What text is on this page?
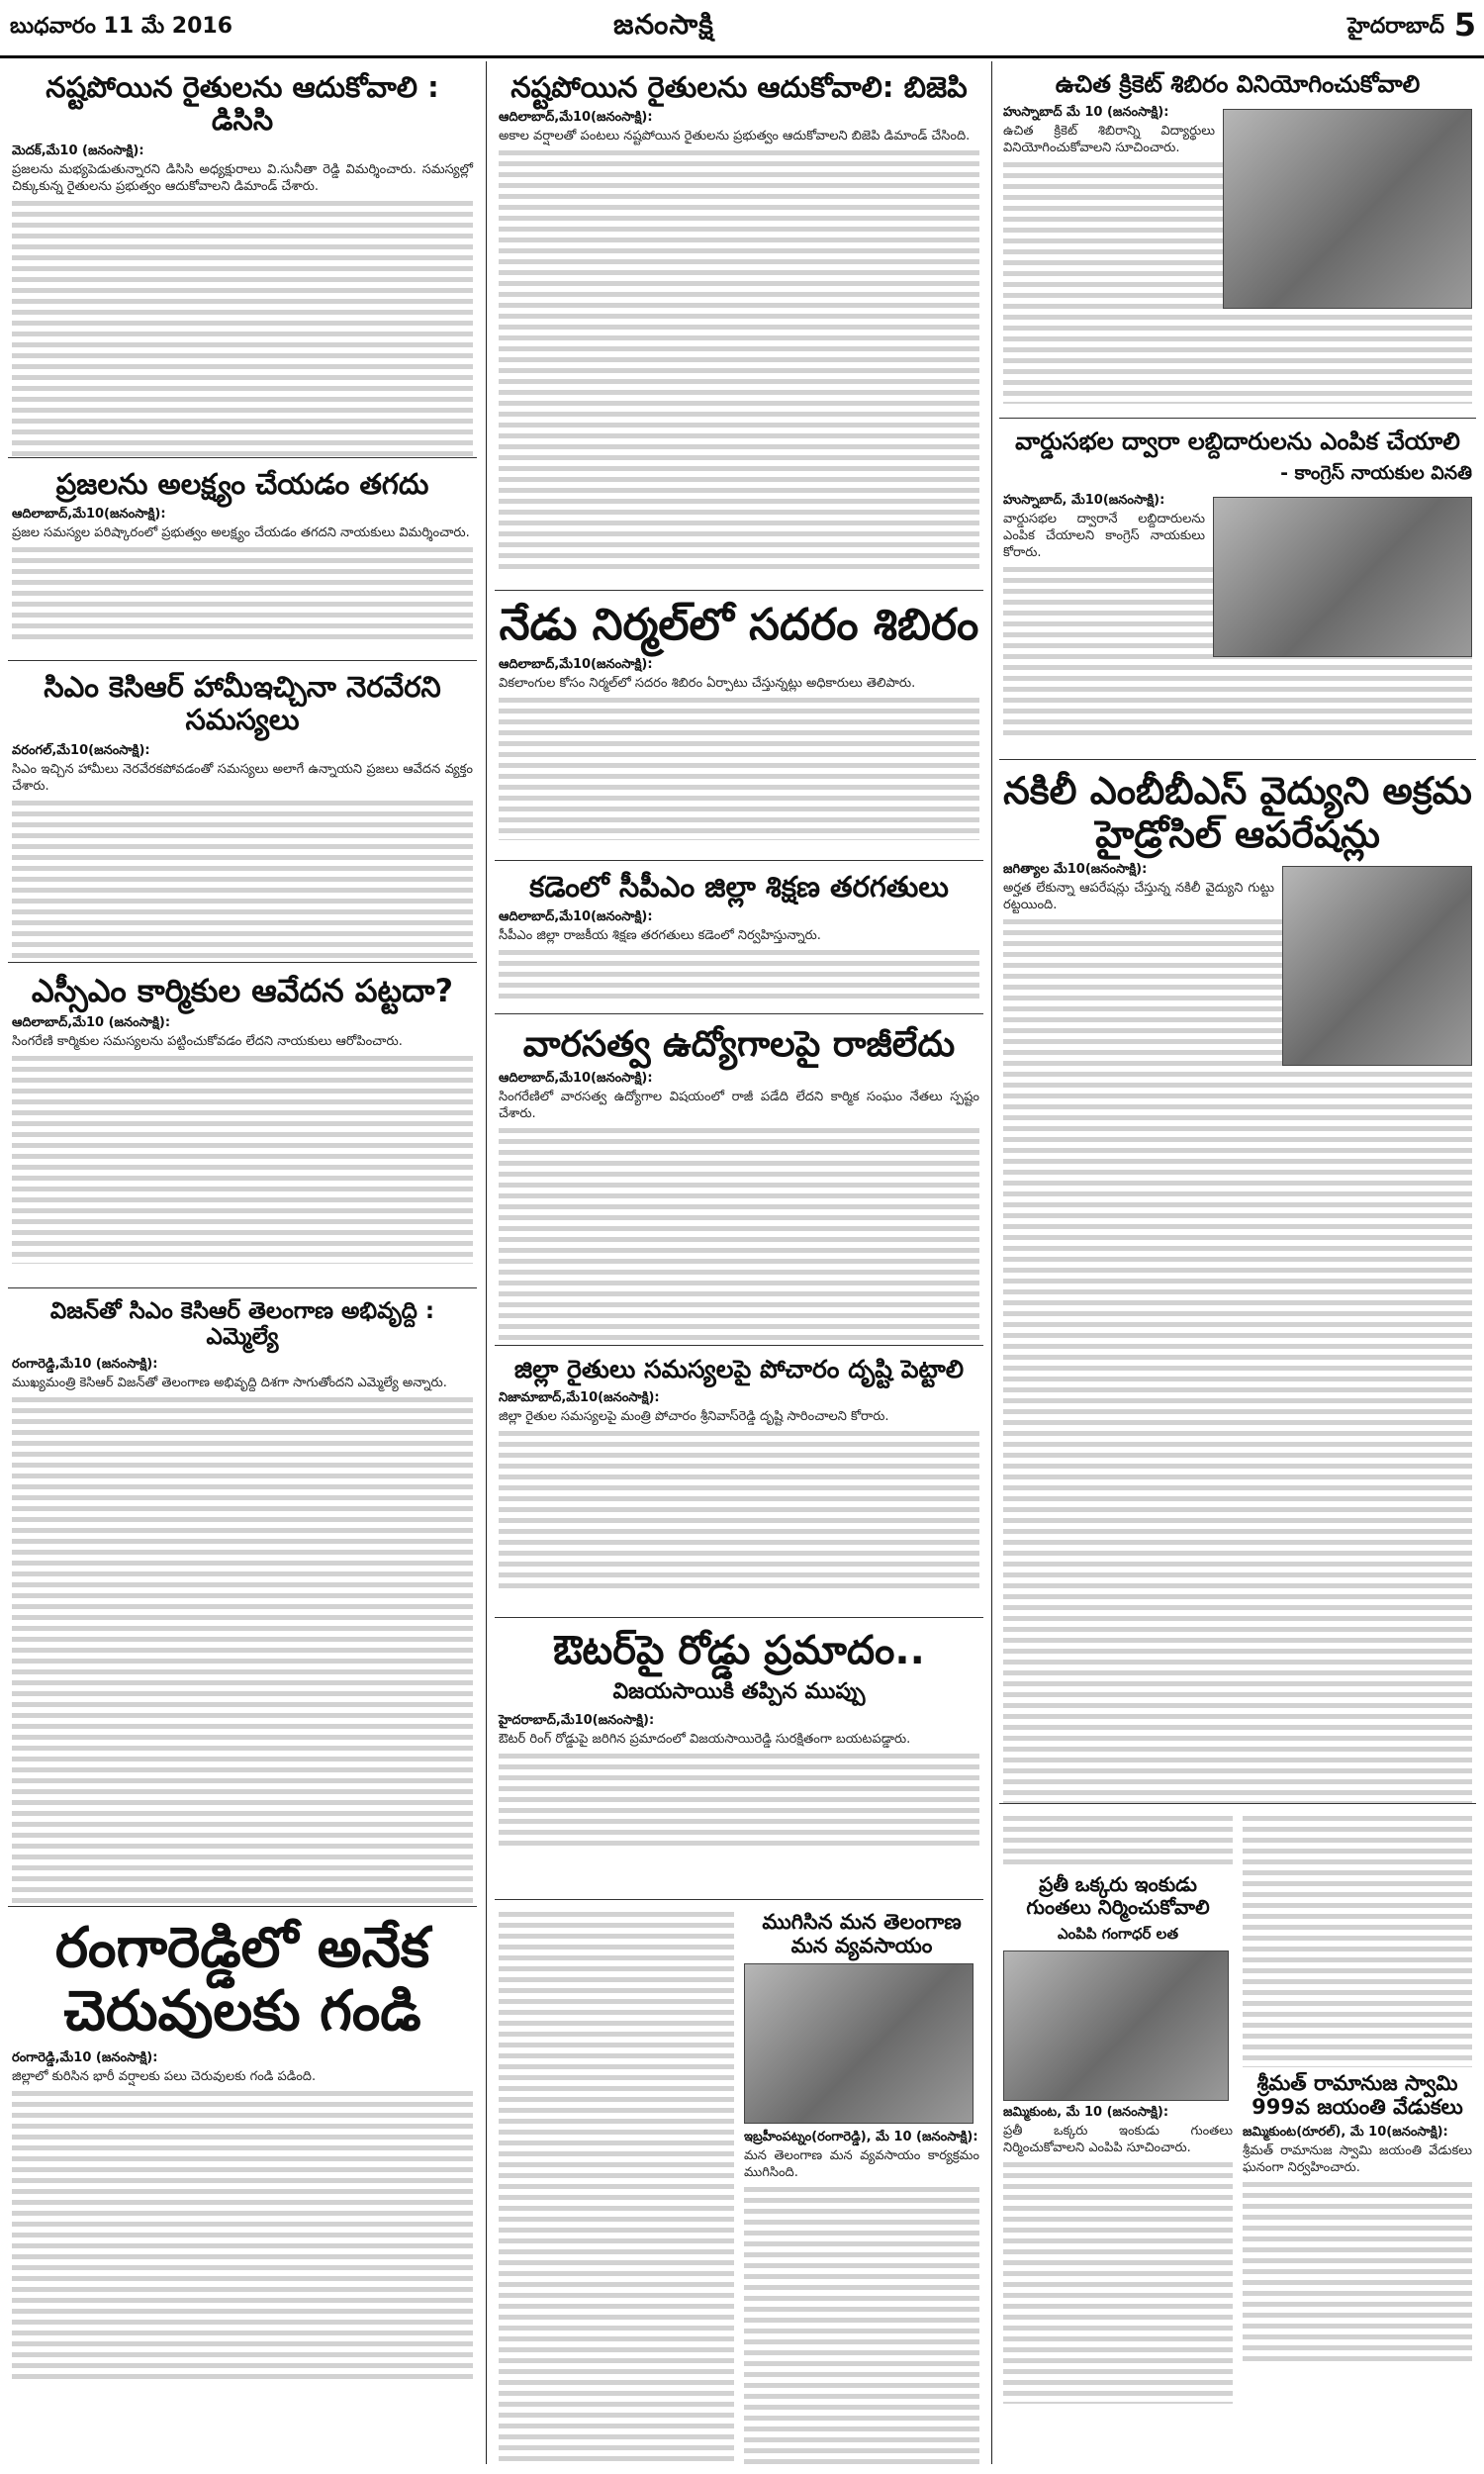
బుధవారం 11 మే 2016	జనంసాక్షి	హైదరాబాద్ 5
నష్టపోయిన రైతులను ఆదుకోవాలి : డిసిసి
మెదక్,మే10 (జనంసాక్షి):
ప్రజలను మభ్యపెడుతున్నారని డిసిసి అధ్యక్షురాలు వి.సునీతా రెడ్డి విమర్శించారు. సమస్యల్లో చిక్కుకున్న రైతులను ప్రభుత్వం ఆదుకోవాలని డిమాండ్ చేశారు.
ప్రజలను అలక్ష్యం చేయడం తగదు
ఆదిలాబాద్,మే10(జనంసాక్షి):
ప్రజల సమస్యల పరిష్కారంలో ప్రభుత్వం అలక్ష్యం చేయడం తగదని నాయకులు విమర్శించారు.
సిఎం కెసిఆర్ హామీఇచ్చినా నెరవేరని సమస్యలు
వరంగల్,మే10(జనంసాక్షి):
సిఎం ఇచ్చిన హామీలు నెరవేరకపోవడంతో సమస్యలు అలాగే ఉన్నాయని ప్రజలు ఆవేదన వ్యక్తం చేశారు.
ఎస్సీఎం కార్మికుల ఆవేదన పట్టదా?
ఆదిలాబాద్,మే10 (జనంసాక్షి):
సింగరేణి కార్మికుల సమస్యలను పట్టించుకోవడం లేదని నాయకులు ఆరోపించారు.
విజన్‌తో సిఎం కెసిఆర్ తెలంగాణ అభివృద్ది : ఎమ్మెల్యే
రంగారెడ్డి,మే10 (జనంసాక్షి):
ముఖ్యమంత్రి కెసిఆర్ విజన్‌తో తెలంగాణ అభివృద్ది దిశగా సాగుతోందని ఎమ్మెల్యే అన్నారు.
రంగారెడ్డిలో అనేక చెరువులకు గండి
రంగారెడ్డి,మే10 (జనంసాక్షి):
జిల్లాలో కురిసిన భారీ వర్షాలకు పలు చెరువులకు గండి పడింది.
నష్టపోయిన రైతులను ఆదుకోవాలి: బిజెపి
ఆదిలాబాద్,మే10(జనంసాక్షి):
అకాల వర్షాలతో పంటలు నష్టపోయిన రైతులను ప్రభుత్వం ఆదుకోవాలని బిజెపి డిమాండ్ చేసింది.
నేడు నిర్మల్‌లో సదరం శిబిరం
ఆదిలాబాద్,మే10(జనంసాక్షి):
వికలాంగుల కోసం నిర్మల్‌లో సదరం శిబిరం ఏర్పాటు చేస్తున్నట్లు అధికారులు తెలిపారు.
కడెంలో సీపీఎం జిల్లా శిక్షణ తరగతులు
ఆదిలాబాద్,మే10(జనంసాక్షి):
సీపీఎం జిల్లా రాజకీయ శిక్షణ తరగతులు కడెంలో నిర్వహిస్తున్నారు.
వారసత్వ ఉద్యోగాలపై రాజీలేదు
ఆదిలాబాద్,మే10(జనంసాక్షి):
సింగరేణిలో వారసత్వ ఉద్యోగాల విషయంలో రాజీ పడేది లేదని కార్మిక సంఘం నేతలు స్పష్టం చేశారు.
జిల్లా రైతులు సమస్యలపై పోచారం దృష్టి పెట్టాలి
నిజామాబాద్,మే10(జనంసాక్షి):
జిల్లా రైతుల సమస్యలపై మంత్రి పోచారం శ్రీనివాస్‌రెడ్డి దృష్టి సారించాలని కోరారు.
ఔటర్‌పై రోడ్డు ప్రమాదం..
విజయసాయికి తప్పిన ముప్పు
హైదరాబాద్,మే10(జనంసాక్షి):
ఔటర్ రింగ్ రోడ్డుపై జరిగిన ప్రమాదంలో విజయసాయిరెడ్డి సురక్షితంగా బయటపడ్డారు.
ముగిసిన మన తెలంగాణ మన వ్యవసాయం
ఇబ్రహీంపట్నం(రంగారెడ్డి), మే 10 (జనంసాక్షి):
మన తెలంగాణ మన వ్యవసాయం కార్యక్రమం ముగిసింది.
ఉచిత క్రికెట్ శిబిరం వినియోగించుకోవాలి
హుస్నాబాద్ మే 10 (జనంసాక్షి):
ఉచిత క్రికెట్ శిబిరాన్ని విద్యార్థులు వినియోగించుకోవాలని సూచించారు.
వార్డుసభల ద్వారా లబ్దిదారులను ఎంపిక చేయాలి
- కాంగ్రెస్ నాయకుల వినతి
హుస్నాబాద్, మే10(జనంసాక్షి):
వార్డుసభల ద్వారానే లబ్దిదారులను ఎంపిక చేయాలని కాంగ్రెస్ నాయకులు కోరారు.
నకిలీ ఎంబీబీఎస్ వైద్యుని అక్రమ హైడ్రోసిల్ ఆపరేషన్లు
జగిత్యాల మే10(జనంసాక్షి):
అర్హత లేకున్నా ఆపరేషన్లు చేస్తున్న నకిలీ వైద్యుని గుట్టు రట్టయింది.
ప్రతీ ఒక్కరు ఇంకుడు గుంతలు నిర్మించుకోవాలి
ఎంపిపి గంగాధర్ లత
జమ్మికుంట, మే 10 (జనంసాక్షి):
ప్రతీ ఒక్కరు ఇంకుడు గుంతలు నిర్మించుకోవాలని ఎంపిపి సూచించారు.
శ్రీమత్ రామానుజ స్వామి 999వ జయంతి వేడుకలు
జమ్మికుంట(రూరల్), మే 10(జనంసాక్షి):
శ్రీమత్ రామానుజ స్వామి జయంతి వేడుకలు ఘనంగా నిర్వహించారు.
